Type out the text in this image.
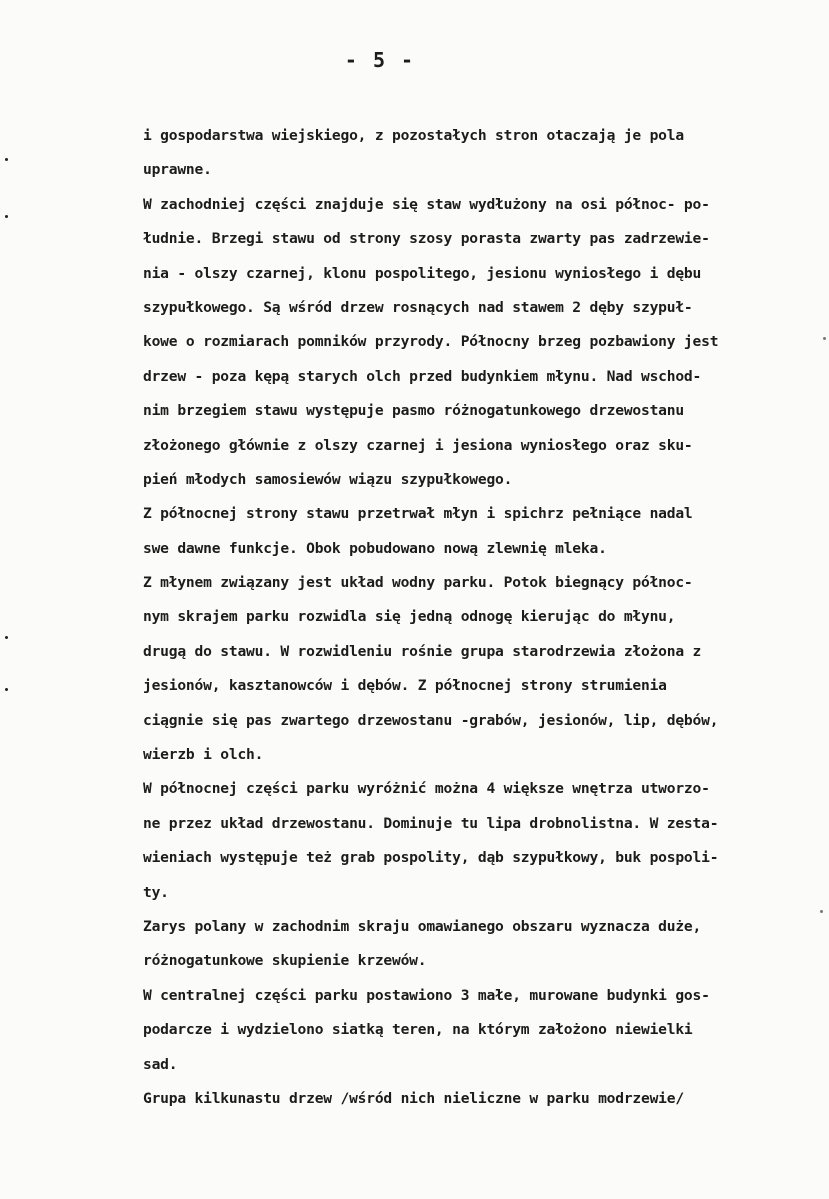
- 5 -
i gospodarstwa wiejskiego, z pozostałych stron otaczają je pola
uprawne.
W zachodniej części znajduje się staw wydłużony na osi północ- po-
łudnie. Brzegi stawu od strony szosy porasta zwarty pas zadrzewie-
nia - olszy czarnej, klonu pospolitego, jesionu wyniosłego i dębu
szypułkowego. Są wśród drzew rosnących nad stawem 2 dęby szypuł-
kowe o rozmiarach pomników przyrody. Północny brzeg pozbawiony jest
drzew - poza kępą starych olch przed budynkiem młynu. Nad wschod-
nim brzegiem stawu występuje pasmo różnogatunkowego drzewostanu
złożonego głównie z olszy czarnej i jesiona wyniosłego oraz sku-
pień młodych samosiewów wiązu szypułkowego.
Z północnej strony stawu przetrwał młyn i spichrz pełniące nadal
swe dawne funkcje. Obok pobudowano nową zlewnię mleka.
Z młynem związany jest układ wodny parku. Potok biegnący północ-
nym skrajem parku rozwidla się jedną odnogę kierując do młynu,
drugą do stawu. W rozwidleniu rośnie grupa starodrzewia złożona z
jesionów, kasztanowców i dębów. Z północnej strony strumienia
ciągnie się pas zwartego drzewostanu -grabów, jesionów, lip, dębów,
wierzb i olch.
W północnej części parku wyróżnić można 4 większe wnętrza utworzo-
ne przez układ drzewostanu. Dominuje tu lipa drobnolistna. W zesta-
wieniach występuje też grab pospolity, dąb szypułkowy, buk pospoli-
ty.
Zarys polany w zachodnim skraju omawianego obszaru wyznacza duże,
różnogatunkowe skupienie krzewów.
W centralnej części parku postawiono 3 małe, murowane budynki gos-
podarcze i wydzielono siatką teren, na którym założono niewielki
sad.
Grupa kilkunastu drzew /wśród nich nieliczne w parku modrzewie/
